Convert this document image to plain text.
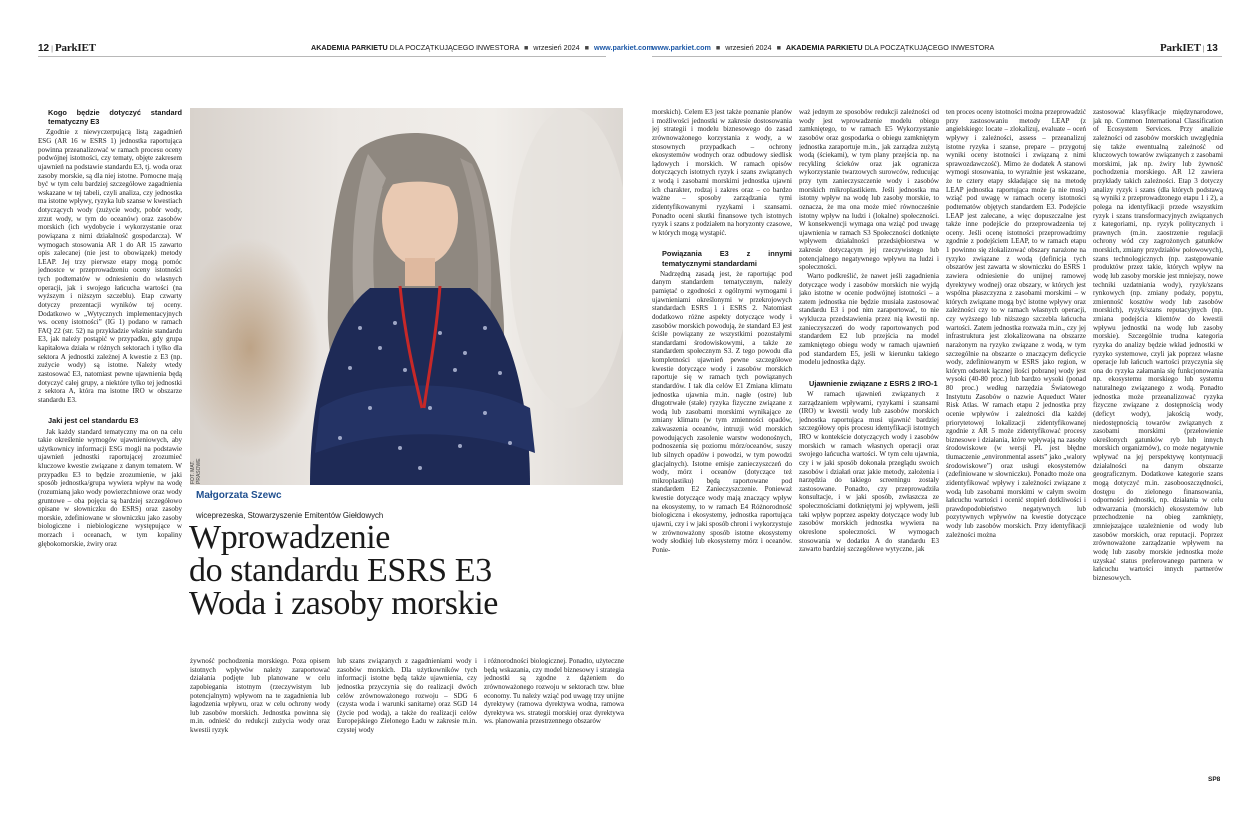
12 | ParkIET	AKADEMIA PARKIETU DLA POCZĄTKUJĄCEGO INWESTORA ■ wrzesień 2024 ■ www.parkiet.com www.parkiet.com ■ wrzesień 2024 ■ AKADEMIA PARKIETU DLA POCZĄTKUJĄCEGO INWESTORA	ParkIET | 13
Kogo będzie dotyczyć standard tematyczny E3

Zgodnie z niewyczerpującą listą zagadnień ESG (AR 16 w ESRS 1) jednostka raportująca powinna przeanalizować w ramach procesu oceny podwójnej istotności, czy tematy, objęte zakresem ujawnień na podstawie standardu E3, tj. woda oraz zasoby morskie, są dla niej istotne. Pomocne mają być w tym celu bardziej szczegółowe zagadnienia wskazane w tej tabeli, czyli analiza, czy jednostka ma istotne wpływy, ryzyka lub szanse w kwestiach dotyczących wody (zużycie wody, pobór wody, zrzut wody, w tym do oceanów) oraz zasobów morskich (ich wydobycie i wykorzystanie oraz powiązana z nimi działalność gospodarcza). W wymogach stosowania AR 1 do AR 15 zawarto opis zalecanej (nie jest to obowiązek) metody LEAP. Jej trzy pierwsze etapy mogą pomóc jednostce w przeprowadzeniu oceny istotności tych podtematów w odniesieniu do własnych operacji, jak i swojego łańcucha wartości (na wyższym i niższym szczeblu). Etap czwarty dotyczy prezentacji wyników tej oceny. Dodatkowo w „Wytycznych implementacyjnych ws. oceny istotności” (IG 1) podano w ramach FAQ 22 (str. 52) na przykładzie właśnie standardu E3, jak należy postąpić w przypadku, gdy grupa kapitałowa działa w różnych sektorach i tylko dla sektora A jednostki zależnej A kwestie z E3 (np. zużycie wody) są istotne. Należy wtedy zastosować E3, natomiast pewne ujawnienia będą dotyczyć całej grupy, a niektóre tylko tej jednostki z sektora A, która ma istotne IRO w obszarze standardu E3.

Jaki jest cel standardu E3

Jak każdy standard tematyczny ma on na celu takie określenie wymogów ujawnieniowych, aby użytkownicy informacji ESG mogli na podstawie ujawnień jednostki raportującej zrozumieć kluczowe kwestie związane z danym tematem. W przypadku E3 to będzie zrozumienie, w jaki sposób jednostka/grupa wywiera wpływ na wodę (rozumianą jako wody powierzchniowe oraz wody gruntowe – oba pojęcia są bardziej szczegółowo opisane w słowniczku do ESRS) oraz zasoby morskie, zdefiniowane w słowniczku jako zasoby biologiczne i niebiologiczne występujące w morzach i oceanach, w tym kopaliny głębokomorskie, żwiry oraz

FOT. MAT. PRASOWE
Małgorzata Szewc
wiceprezeska, Stowarzyszenie Emitentów Giełdowych
Wprowadzenie
do standardu ESRS E3
Woda i zasoby morskie

żywność pochodzenia morskiego. Poza opisem istotnych wpływów należy zaraportować działania podjęte lub planowane w celu zapobiegania istotnym (rzeczywistym lub potencjalnym) wpływom na te zagadnienia lub łagodzenia wpływu, oraz w celu ochrony wody lub zasobów morskich. Jednostka powinna się m.in. odnieść do redukcji zużycia wody oraz kwestii ryzyk

lub szans związanych z zagadnieniami wody i zasobów morskich. Dla użytkowników tych informacji istotne będą także ujawnienia, czy jednostka przyczynia się do realizacji dwóch celów zrównoważonego rozwoju – SDG 6 (czysta woda i warunki sanitarne) oraz SGD 14 (życie pod wodą), a także do realizacji celów Europejskiego Zielonego Ładu w zakresie m.in. czystej wody

i różnorodności biologicznej. Ponadto, użyteczne będą wskazania, czy model biznesowy i strategia jednostki są zgodne z dążeniem do zrównoważonego rozwoju w sektorach tzw. blue economy. Tu należy wziąć pod uwagę trzy unijne dyrektywy (ramowa dyrektywa wodna, ramowa dyrektywa ws. strategii morskiej oraz dyrektywa ws. planowania przestrzennego obszarów

morskich). Celem E3 jest także poznanie planów i możliwości jednostki w zakresie dostosowania jej strategii i modelu biznesowego do zasad zrównoważonego korzystania z wody, a w stosownych przypadkach – ochrony ekosystemów wodnych oraz odbudowy siedlisk lądowych i morskich. W ramach opisów dotyczących istotnych ryzyk i szans związanych z wodą i zasobami morskimi jednostka ujawni ich charakter, rodzaj i zakres oraz – co bardzo ważne – sposoby zarządzania tymi zidentyfikowanymi ryzykami i szansami. Ponadto oceni skutki finansowe tych istotnych ryzyk i szans z podziałem na horyzonty czasowe, w których mogą wystąpić.

Powiązania E3 z innymi tematycznymi standardami

Nadrzędną zasadą jest, że raportując pod danym standardem tematycznym, należy pamiętać o zgodności z ogólnymi wymogami i ujawnieniami określonymi w przekrojowych standardach ESRS 1 i ESRS 2. Natomiast dodatkowo różne aspekty dotyczące wody i zasobów morskich powodują, że standard E3 jest ściśle powiązany ze wszystkimi pozostałymi standardami środowiskowymi, a także ze standardem społecznym S3. Z tego powodu dla kompletności ujawnień pewne szczegółowe kwestie dotyczące wody i zasobów morskich raportuje się w ramach tych powiązanych standardów. I tak dla celów E1 Zmiana klimatu jednostka ujawnia m.in. nagłe (ostre) lub długotrwałe (stałe) ryzyka fizyczne związane z wodą lub zasobami morskimi wynikające ze zmiany klimatu (w tym zmienności opadów, zakwaszenia oceanów, intruzji wód morskich powodujących zasolenie warstw wodonośnych, podnoszenia się poziomu mórz/oceanów, suszy lub silnych opadów i powodzi, w tym powodzi glacjalnych). Istotne emisje zanieczyszczeń do wody, mórz i oceanów (dotyczące też mikroplastiku) będą raportowane pod standardem E2 Zanieczyszczenie. Ponieważ kwestie dotyczące wody mają znaczący wpływ na ekosystemy, to w ramach E4 Różnorodność biologiczna i ekosystemy, jednostka raportująca ujawni, czy i w jaki sposób chroni i wykorzystuje w zrównoważony sposób istotne ekosystemy wody słodkiej lub ekosystemy mórz i oceanów. Ponie-

waż jednym ze sposobów redukcji zależności od wody jest wprowadzenie modelu obiegu zamkniętego, to w ramach E5 Wykorzystanie zasobów oraz gospodarka o obiegu zamkniętym jednostka zaraportuje m.in., jak zarządza zużytą wodą (ściekami), w tym plany przejścia np. na recykling ścieków oraz jak ogranicza wykorzystanie twarzowych surowców, reducując przy tym zanieczyszczenie wody i zasobów morskich mikroplastikiem. Jeśli jednostka ma istotny wpływ na wodę lub zasoby morskie, to oznacza, że ma ona może mieć równocześnie istotny wpływ na ludzi i (lokalne) społeczności. W konsekwencji wymaga ona wziąć pod uwagę ujawnienia w ramach S3 Społeczności dotknięte wpływem działalności przedsiębiorstwa w zakresie dotyczącym jej rzeczywistego lub potencjalnego negatywnego wpływu na ludzi i społeczności.

Warto podkreślić, że nawet jeśli zagadnienia dotyczące wody i zasobów morskich nie wyjdą jako istotne w ocenie podwójnej istotności – a zatem jednostka nie będzie musiała zastosować standardu E3 i pod nim zaraportować, to nie wyklucza przedstawienia przez nią kwestii np. zanieczyszczeń do wody raportowanych pod standardem E2 lub przejścia na model zamkniętego obiegu wody w ramach ujawnień pod standardem E5, jeśli w kierunku takiego modelu jednostka dąży.

Ujawnienie związane z ESRS 2 IRO-1

W ramach ujawnień związanych z zarządzaniem wpływami, ryzykami i szansami (IRO) w kwestii wody lub zasobów morskich jednostka raportująca musi ujawnić bardziej szczegółowy opis procesu identyfikacji istotnych IRO w kontekście dotyczących wody i zasobów morskich w ramach własnych operacji oraz swojego łańcucha wartości. W tym celu ujawnia, czy i w jaki sposób dokonała przeglądu swoich zasobów i działań oraz jakie metody, założenia i narzędzia do takiego screeningu zostały zastosowane. Ponadto, czy przeprowadziła konsultacje, i w jaki sposób, zwłaszcza ze społecznościami dotkniętymi jej wpływem, jeśli taki wpływ poprzez aspekty dotyczące wody lub zasobów morskich jednostka wywiera na okreslone społeczności. W wymogach stosowania w dodatku A do standardu E3 zawarto bardziej szczegółowe wytyczne, jak

ten proces oceny istotności można przeprowadzić przy zastosowaniu metody LEAP (z angielskiego: locate – zlokalizuj, evaluate – oceń wpływy i zależności, assess – przeanalizuj istotne ryzyka i szanse, prepare – przygotuj wyniki oceny istotności i związaną z nimi sprawozdawczość). Mimo że dodatek A stanowi wymogi stosowania, to wyraźnie jest wskazane, że te cztery etapy składające się na metodę LEAP jednostka raportująca może (a nie musi) wziąć pod uwagę w ramach oceny istotności podtematów objętych standardem E3. Podejście LEAP jest zalecane, a więc dopuszczalne jest także inne podejście do przeprowadzenia tej oceny. Jeśli ocenę istotności przeprowadzimy zgodnie z podejściem LEAP, to w ramach etapu 1 powinno się zlokalizować obszary narażone na ryzyko związane z wodą (definicja tych obszarów jest zawarta w słowniczku do ESRS 1 zawiera odniesienie do unijnej ramowej dyrektywy wodnej) oraz obszary, w których jest wspólna płaszczyzna z zasobami morskimi – w których związane mogą być istotne wpływy oraz zależności czy to w ramach własnych operacji, czy wyższego lub niższego szczebla łańcucha wartości. Zatem jednostka rozważa m.in., czy jej infrastruktura jest zlokalizowana na obszarze narażonym na ryzyko związane z wodą, w tym szczególnie na obszarze o znaczącym deficycie wody, zdefiniowanym w ESRS jako region, w którym odsetek łącznej ilości pobranej wody jest wysoki (40-80 proc.) lub bardzo wysoki (ponad 80 proc.) według narzędzia Światowego Instytutu Zasobów o nazwie Aqueduct Water Risk Atlas. W ramach etapu 2 jednostka przy ocenie wpływów i zależności dla każdej priorytetowej lokalizacji zidentyfikowanej zgodnie z AR 5 może zidentyfikować procesy biznesowe i działania, które wpływają na zasoby środowiskowe (w wersji PL jest błędne tłumaczenie „environmental assets” jako „walory środowiskowe”) oraz usługi ekosystemów (zdefiniowane w słowniczku). Ponadto może ona zidentyfikować wpływy i zależności związane z wodą lub zasobami morskimi w całym swoim łańcuchu wartości i ocenić stopień dotkliwości i prawdopodobieństwo negatywnych lub pozytywnych wpływów na kwestie dotyczące wody lub zasobów morskich. Przy identyfikacji zależności można

zastosować klasyfikacje międzynarodowe, jak np. Common International Classification of Ecosystem Services. Przy analizie zależności od zasobów morskich uwzględnia się także ewentualną zależność od kluczowych towarów związanych z zasobami morskimi, jak np. żwiry lub żywność pochodzenia morskiego. AR 12 zawiera przykłady takich zależności. Etap 3 dotyczy analizy ryzyk i szans (dla których podstawą są wyniki z przeprowadzonego etapu 1 i 2), a polega na identyfikacji przede wszystkim ryzyk i szans transformacyjnych związanych z kategoriami, np. ryzyk politycznych i prawnych (m.in. zaostrzenie regulacji ochrony wód czy zagrożonych gatunków morskich, zmiany przydziałów połowowych), szans technologicznych (np. zastępowanie produktów przez takie, których wpływ na wodę lub zasoby morskie jest mniejszy, nowe techniki uzdatniania wody), ryzyk/szans rynkowych (np. zmiany podaży, popytu, zmienność kosztów wody lub zasobów morskich), ryzyk/szans reputacyjnych (np. zmiana podejścia klientów do kwestii wpływu jednostki na wodę lub zasoby morskie). Szczególnie trudna kategoria ryzyka do analizy będzie wkład jednostki w ryzyko systemowe, czyli jak poprzez własne operacje lub łańcuch wartości przyczynia się ona do ryzyka załamania się funkcjonowania np. ekosystemu morskiego lub systemu naturalnego związanego z wodą. Ponadto jednostka może przeanalizować ryzyka fizyczne związane z dostępnością wody (deficyt wody), jakością wody, niedostępnością towarów związanych z zasobami morskimi (przełowienie określonych gatunków ryb lub innych morskich organizmów), co może negatywnie wpływać na jej perspektywę kontynuacji działalności na danym obszarze geograficznym. Dodatkowe kategorie szans mogą dotyczyć m.in. zasobooszczędności, dostępu do zielonego finansowania, odporności jednostki, np. działania w celu odtwarzania (morskich) ekosystemów lub przechodzenie na obieg zamknięty, zmniejszające uzależnienie od wody lub zasobów morskich, oraz reputacji. Poprzez zrównoważone zarządzanie wpływem na wodę lub zasoby morskie jednostka może uzyskać status preferowanego partnera w łańcuchu wartości innych partnerów biznesowych.

SP8
